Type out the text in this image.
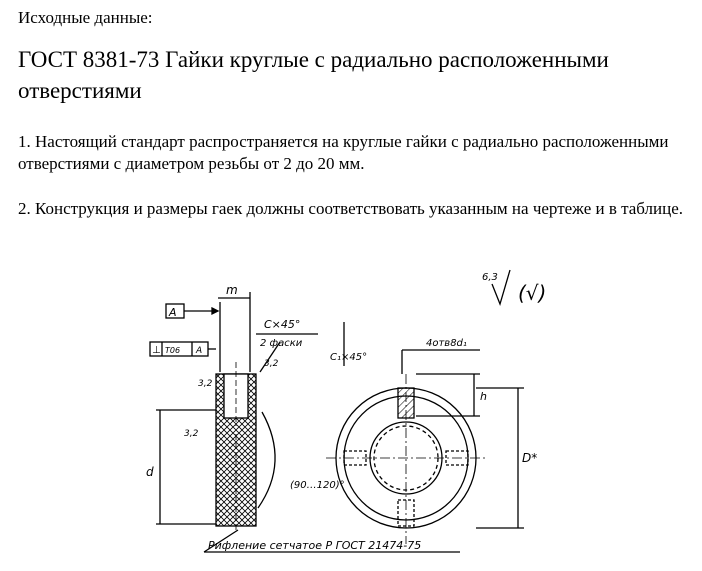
Исходные данные:
ГОСТ 8381-73 Гайки круглые с радиально расположенными отверстиями
1. Настоящий стандарт распространяется на круглые гайки с радиально расположенными отверстиями с диаметром резьбы от 2 до 20 мм.
2. Конструкция и размеры гаек должны соответствовать указанным на чертеже и в таблице.
A
m
C×45°
2 фаски
⊥ T06 A
3,2
3,2
3,2
d
(90…120)°
Рифление сетчатое Р ГОСТ 21474-75
C₁×45°
4отв8d₁
h
D*
6,3
(√)
